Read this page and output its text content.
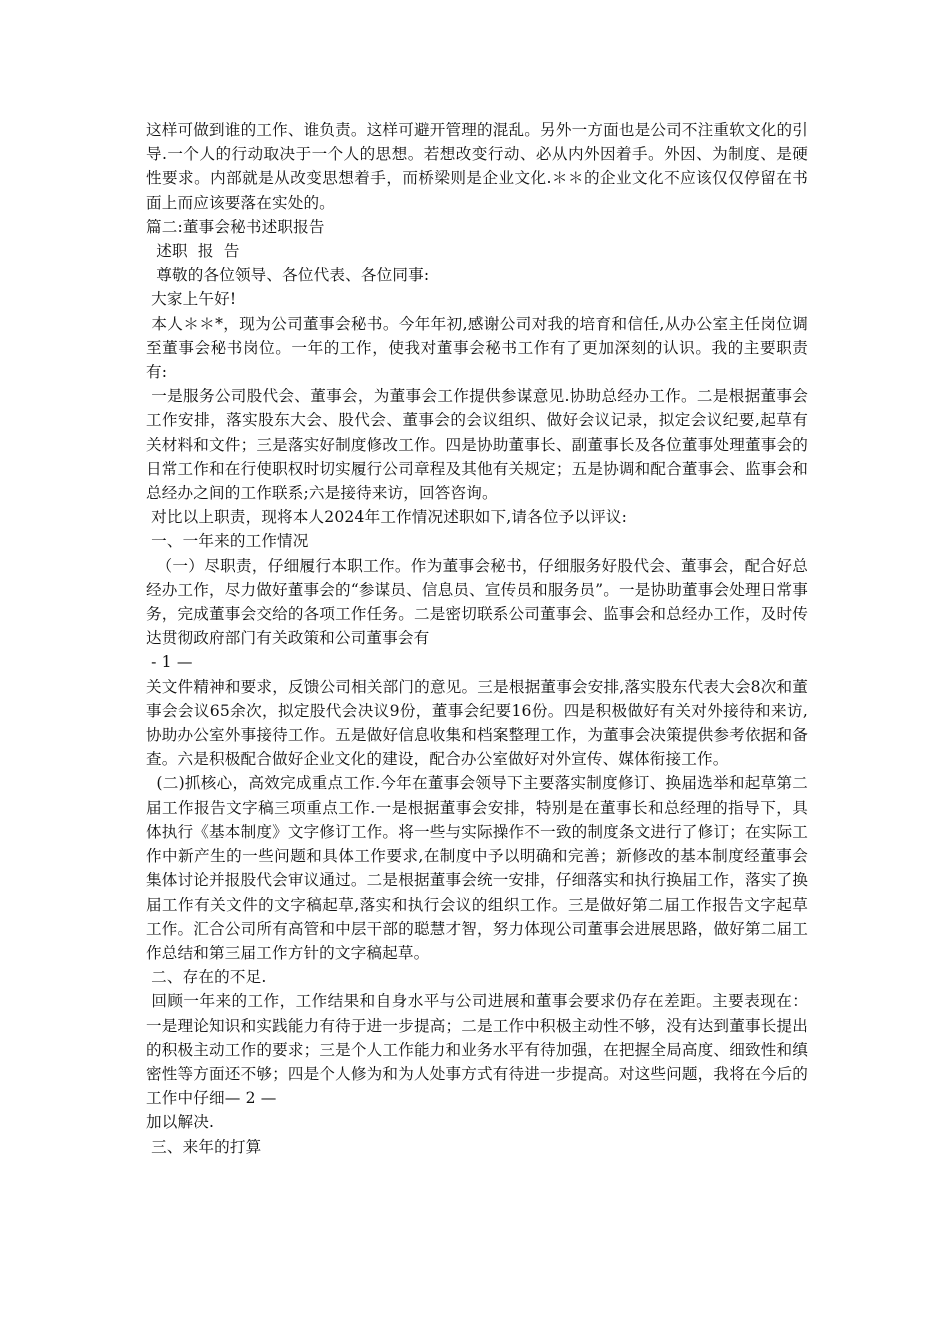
这样可做到谁的工作、谁负责。这样可避开管理的混乱。另外一方面也是公司不注重软文化的引导.一个人的行动取决于一个人的思想。若想改变行动、必从内外因着手。外因、为制度、是硬性要求。内部就是从改变思想着手，而桥梁则是企业文化.＊＊的企业文化不应该仅仅停留在书面上而应该要落在实处的。

篇二:董事会秘书述职报告

述职  报  告

尊敬的各位领导、各位代表、各位同事:

大家上午好!

本人＊＊*，现为公司董事会秘书。今年年初,感谢公司对我的培育和信任,从办公室主任岗位调至董事会秘书岗位。一年的工作，使我对董事会秘书工作有了更加深刻的认识。我的主要职责有:

一是服务公司股代会、董事会，为董事会工作提供参谋意见.协助总经办工作。二是根据董事会工作安排，落实股东大会、股代会、董事会的会议组织、做好会议记录，拟定会议纪要,起草有关材料和文件；三是落实好制度修改工作。四是协助董事长、副董事长及各位董事处理董事会的日常工作和在行使职权时切实履行公司章程及其他有关规定；五是协调和配合董事会、监事会和总经办之间的工作联系;六是接待来访，回答咨询。

对比以上职责，现将本人2024年工作情况述职如下,请各位予以评议:

一、一年来的工作情况

（一）尽职责，仔细履行本职工作。作为董事会秘书，仔细服务好股代会、董事会，配合好总经办工作，尽力做好董事会的“参谋员、信息员、宣传员和服务员”。一是协助董事会处理日常事务，完成董事会交给的各项工作任务。二是密切联系公司董事会、监事会和总经办工作，及时传达贯彻政府部门有关政策和公司董事会有

- 1 —

关文件精神和要求，反馈公司相关部门的意见。三是根据董事会安排,落实股东代表大会8次和董事会会议65余次，拟定股代会决议9份，董事会纪要16份。四是积极做好有关对外接待和来访,协助办公室外事接待工作。五是做好信息收集和档案整理工作，为董事会决策提供参考依据和备查。六是积极配合做好企业文化的建设，配合办公室做好对外宣传、媒体衔接工作。

(二)抓核心，高效完成重点工作.今年在董事会领导下主要落实制度修订、换届选举和起草第二届工作报告文字稿三项重点工作.一是根据董事会安排，特别是在董事长和总经理的指导下，具体执行《基本制度》文字修订工作。将一些与实际操作不一致的制度条文进行了修订；在实际工作中新产生的一些问题和具体工作要求,在制度中予以明确和完善；新修改的基本制度经董事会集体讨论并报股代会审议通过。二是根据董事会统一安排，仔细落实和执行换届工作，落实了换届工作有关文件的文字稿起草,落实和执行会议的组织工作。三是做好第二届工作报告文字起草工作。汇合公司所有高管和中层干部的聪慧才智，努力体现公司董事会进展思路，做好第二届工作总结和第三届工作方针的文字稿起草。

二、存在的不足.

回顾一年来的工作，工作结果和自身水平与公司进展和董事会要求仍存在差距。主要表现在：一是理论知识和实践能力有待于进一步提高；二是工作中积极主动性不够，没有达到董事长提出的积极主动工作的要求；三是个人工作能力和业务水平有待加强，在把握全局高度、细致性和缜密性等方面还不够；四是个人修为和为人处事方式有待进一步提高。对这些问题，我将在今后的工作中仔细— 2 —

加以解决.

三、来年的打算
